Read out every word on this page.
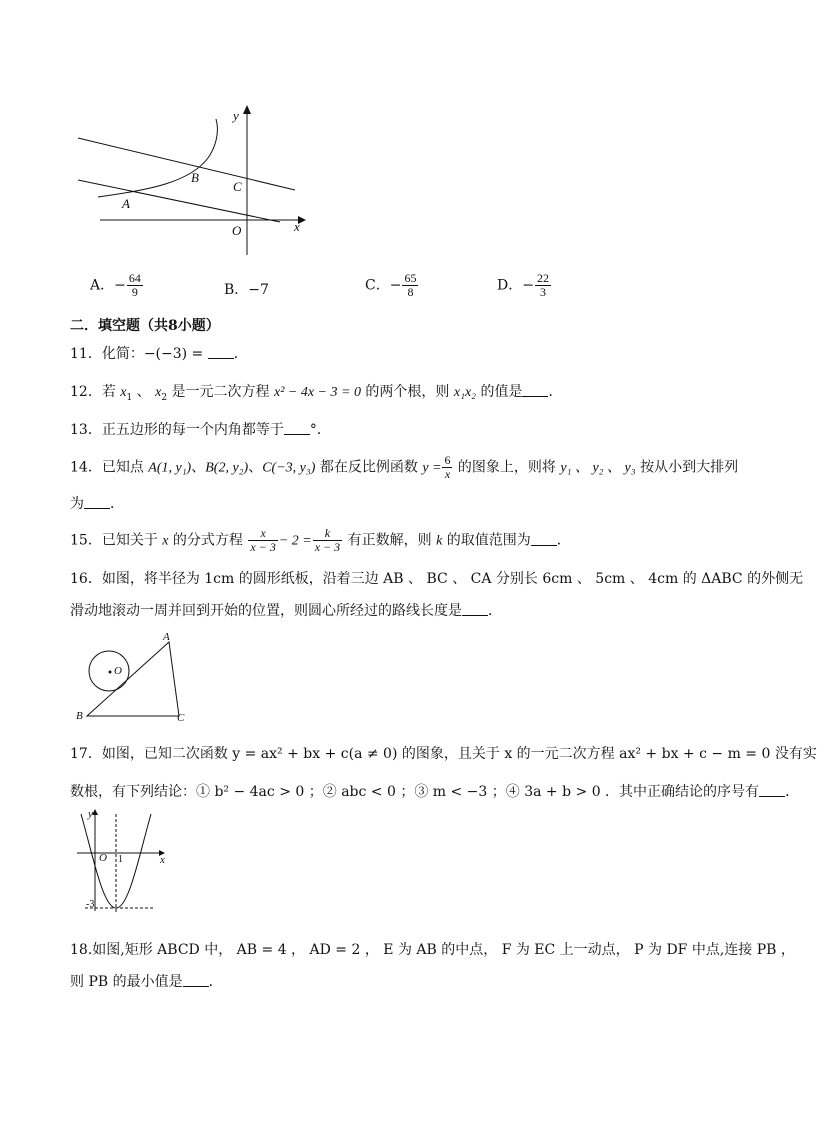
y
x
O
A
B
C
A．− $\frac{64}{9}$	B．−7	C．− $\frac{65}{8}$	D．− $\frac{22}{3}$
二．填空题（共8小题）
11．化简：−(−3) = ．
12．若 $x_1$ 、 $x_2$ 是一元二次方程 x² − 4x − 3 = 0 的两个根，则 x₁x₂ 的值是 ．
13．正五边形的每一个内角都等于 °．
14．已知点 A(1, y₁)、B(2, y₂)、C(−3, y₃) 都在反比例函数 $y = \frac{6}{x}$ 的图象上，则将 y₁ 、 y₂ 、 y₃ 按从小到大排列
为 ．
15．已知关于 x 的分式方程 $\frac{x}{x - 3} - 2 = \frac{k}{x - 3}$ 有正数解，则 k 的取值范围为 ．
16．如图，将半径为 1cm 的圆形纸板，沿着三边 AB 、 BC 、 CA 分别长 6cm 、 5cm 、 4cm 的 ΔABC 的外侧无
滑动地滚动一周并回到开始的位置，则圆心所经过的路线长度是 ．
A
B	C
O
17．如图，已知二次函数 y = ax² + bx + c(a ≠ 0) 的图象，且关于 x 的一元二次方程 ax² + bx + c − m = 0 没有实
数根，有下列结论：① b² − 4ac > 0 ；② abc < 0 ；③ m < −3 ；④ 3a + b > 0 ．其中正确结论的序号有 ．
y
x
O 1
-3
18.如图,矩形 ABCD 中， AB = 4 ， AD = 2 ， E 为 AB 的中点， F 为 EC 上一动点， P 为 DF 中点,连接 PB ，
则 PB 的最小值是 ．
